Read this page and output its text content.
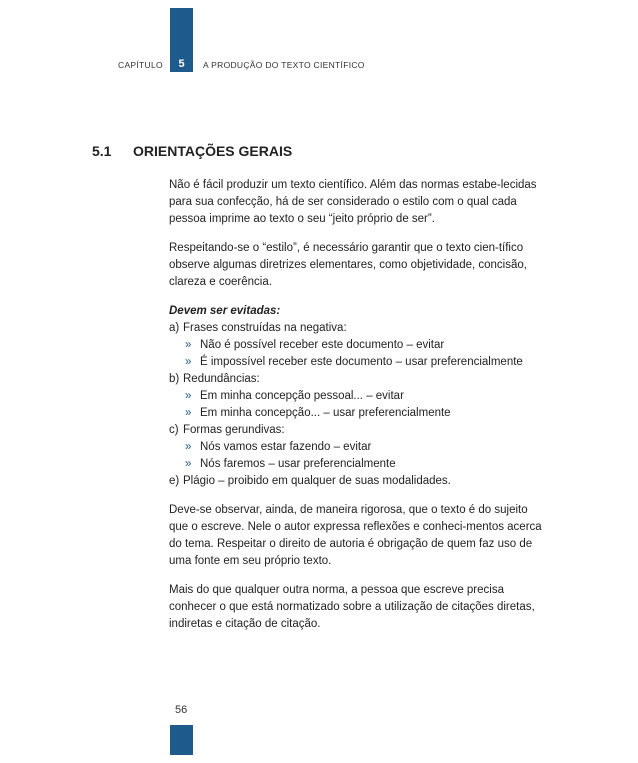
5
CAPÍTULO	A PRODUÇÃO DO TEXTO CIENTÍFICO
5.1 ORIENTAÇÕES GERAIS

Não é fácil produzir um texto científico. Além das normas estabe-lecidas para sua confecção, há de ser considerado o estilo com o qual cada pessoa imprime ao texto o seu “jeito próprio de ser”.

Respeitando-se o “estilo”, é necessário garantir que o texto cien-tífico observe algumas diretrizes elementares, como objetividade, concisão, clareza e coerência.

Devem ser evitadas:
a) Frases construídas na negativa:
» Não é possível receber este documento – evitar
» É impossível receber este documento – usar preferencialmente
b) Redundâncias:
» Em minha concepção pessoal... – evitar
» Em minha concepção... – usar preferencialmente
c) Formas gerundivas:
» Nós vamos estar fazendo – evitar
» Nós faremos – usar preferencialmente
e) Plágio – proibido em qualquer de suas modalidades.

Deve-se observar, ainda, de maneira rigorosa, que o texto é do sujeito que o escreve. Nele o autor expressa reflexões e conheci-mentos acerca do tema. Respeitar o direito de autoria é obrigação de quem faz uso de uma fonte em seu próprio texto.

Mais do que qualquer outra norma, a pessoa que escreve precisa conhecer o que está normatizado sobre a utilização de citações diretas, indiretas e citação de citação.

56
